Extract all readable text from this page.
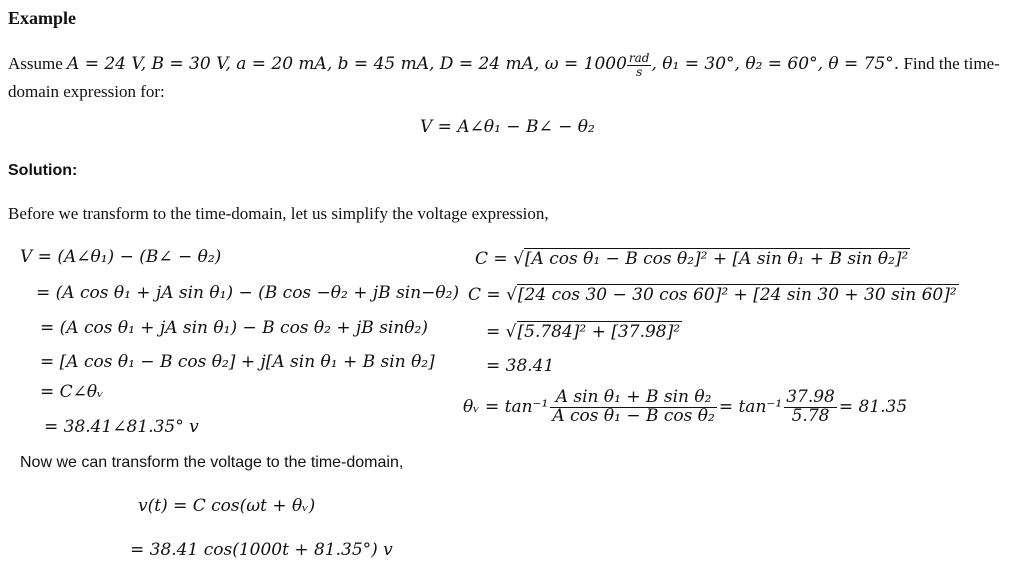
Example
Assume A = 24 V, B = 30 V, a = 20 mA, b = 45 mA, D = 24 mA, $\omega = 1000 \frac{\text{rad}}{s}$ , θ₁ = 30°, θ₂ = 60°, θ = 75°. Find the time-
domain expression for:
V = A∠θ₁ − B∠ − θ₂
Solution:
Before we transform to the time-domain, let us simplify the voltage expression,
V = (A∠θ₁) − (B∠ − θ₂)
= (A cos θ₁ + jA sin θ₁) − (B cos −θ₂ + jB sin−θ₂)
= (A cos θ₁ + jA sin θ₁) − B cos θ₂ + jB sinθ₂)
= [A cos θ₁ − B cos θ₂] + j[A sin θ₁ + B sin θ₂]
= C∠θᵥ
= 38.41∠81.35° v
C = √[A cos θ₁ − B cos θ₂]² + [A sin θ₁ + B sin θ₂]²
C = √[24 cos 30 − 30 cos 60]² + [24 sin 30 + 30 sin 60]²
= √[5.784]² + [37.98]²
= 38.41
θᵥ = $\tan^{-1} \frac{\text{A sin θ₁ + B sin θ₂}}{\text{A cos θ₁ − B cos θ₂}} = \tan^{-1} \frac{37.98}{5.78} = 81.35$
Now we can transform the voltage to the time-domain,
v(t) = C cos(ωt + θᵥ)
= 38.41 cos(1000t + 81.35°) v
